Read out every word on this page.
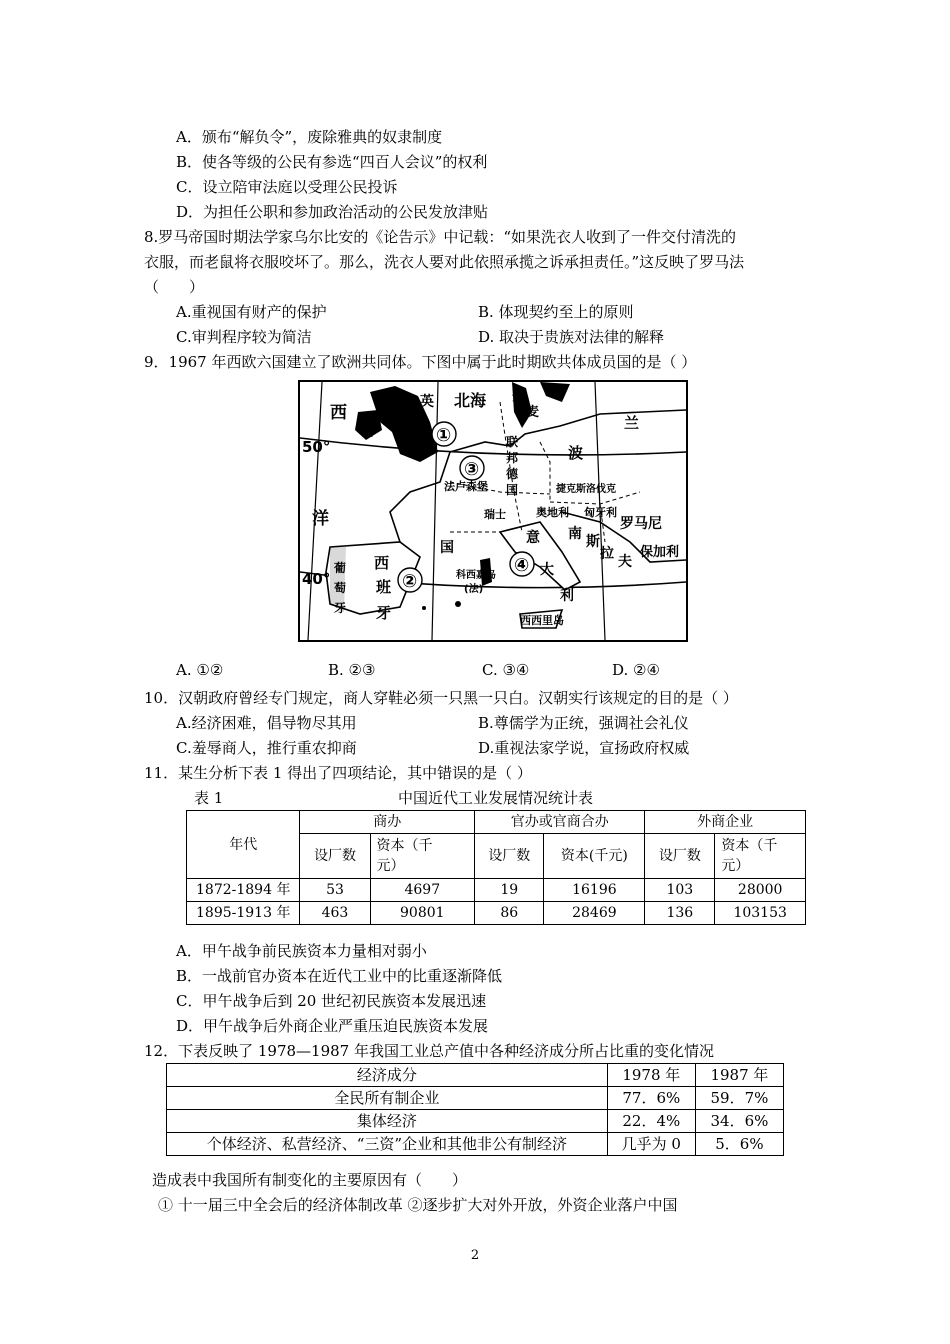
A．颁布“解负令”，废除雅典的奴隶制度
B．使各等级的公民有参选“四百人会议”的权利
C．设立陪审法庭以受理公民投诉
D．为担任公职和参加政治活动的公民发放津贴
8.罗马帝国时期法学家乌尔比安的《论告示》中记载：“如果洗衣人收到了一件交付清洗的
衣服，而老鼠将衣服咬坏了。那么，洗衣人要对此依照承揽之诉承担责任。”这反映了罗马法
（　　）
A.重视国有财产的保护	B. 体现契约至上的原则
C.审判程序较为简洁	D. 取决于贵族对法律的解释
9．1967 年西欧六国建立了欧洲共同体。下图中属于此时期欧共体成员国的是（ ）
西
洋
50°
40°
英
国
爱 尔
兰
北海 丹
麦
①
③
②
④
联
邦
德
国
波
兰
法卢森堡
瑞士	奥地利
捷克斯洛伐克
匈牙利
罗马尼
国
西
班
牙
葡
萄
牙
意
大
利
南 斯
拉 夫
保加利
科西嘉岛
(法)
西西里岛
A. ①②	B. ②③	C. ③④	D. ②④
10．汉朝政府曾经专门规定，商人穿鞋必须一只黑一只白。汉朝实行该规定的目的是（ ）
A.经济困难，倡导物尽其用	B.尊儒学为正统，强调社会礼仪
C.羞辱商人，推行重农抑商	D.重视法家学说，宣扬政府权威
11．某生分析下表 1 得出了四项结论，其中错误的是（ ）
表 1	中国近代工业发展情况统计表
年代	商办		官办或官商合办		外商企业	
	设厂数	资本（千
元）	设厂数	资本(千元)	设厂数	资本（千
元）
1872-1894 年	53	4697	19	16196	103	28000
1895-1913 年	463	90801	86	28469	136	103153
A．甲午战争前民族资本力量相对弱小
B．一战前官办资本在近代工业中的比重逐渐降低
C．甲午战争后到 20 世纪初民族资本发展迅速
D．甲午战争后外商企业严重压迫民族资本发展
12．下表反映了 1978—1987 年我国工业总产值中各种经济成分所占比重的变化情况
经济成分	1978 年	1987 年
全民所有制企业	77．6%	59．7%
集体经济	22．4%	34．6%
个体经济、私营经济、“三资”企业和其他非公有制经济	几乎为 0	5．6%
造成表中我国所有制变化的主要原因有（　　）
① 十一届三中全会后的经济体制改革 ②逐步扩大对外开放，外资企业落户中国
2
